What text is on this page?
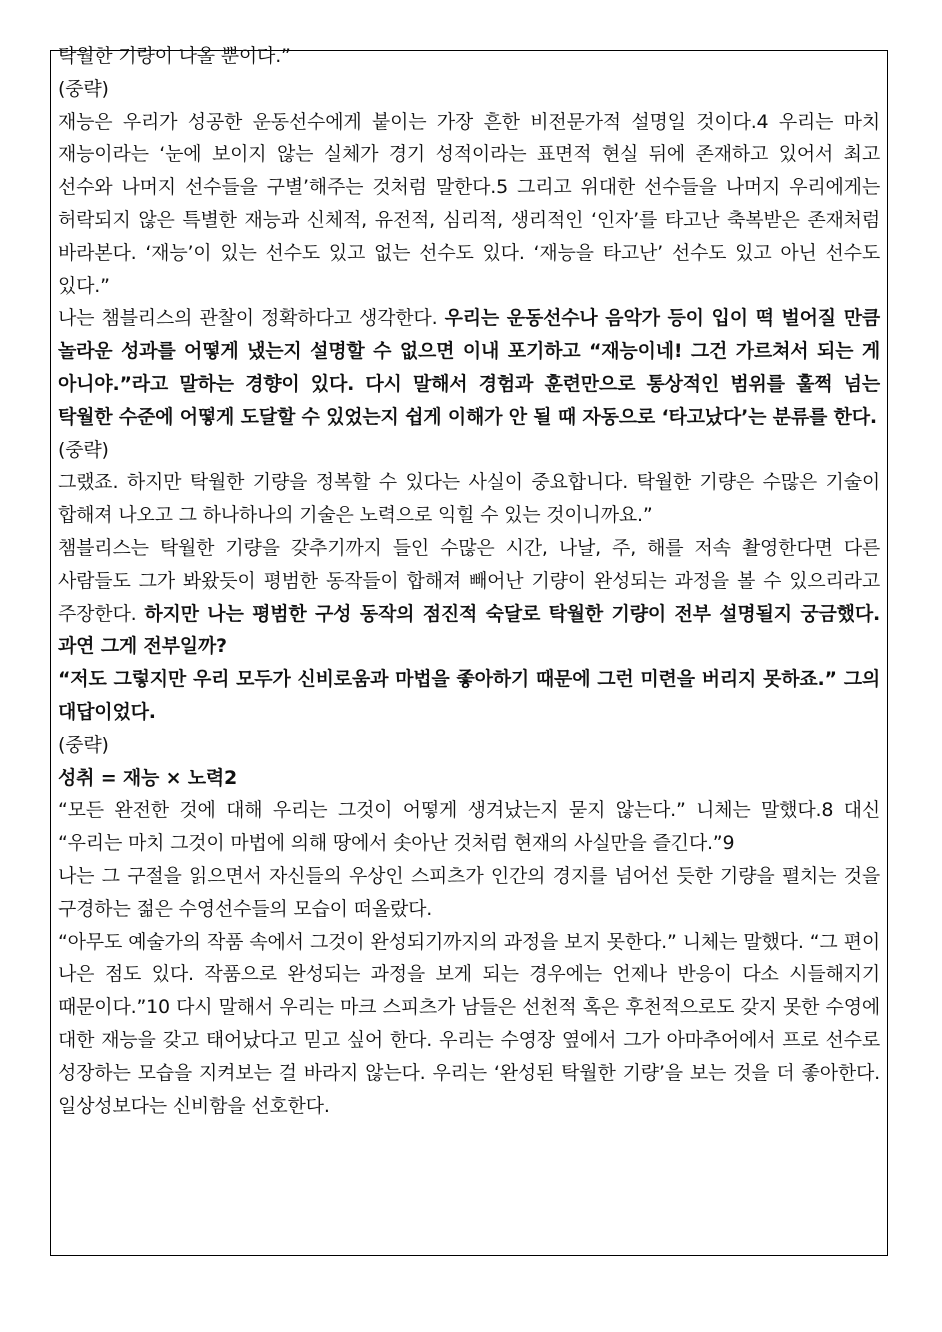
탁월한 기량이 나올 뿐이다.”

(중략)

재능은 우리가 성공한 운동선수에게 붙이는 가장 흔한 비전문가적 설명일 것이다.4 우리는 마치 재능이라는 ‘눈에 보이지 않는 실체가 경기 성적이라는 표면적 현실 뒤에 존재하고 있어서 최고 선수와 나머지 선수들을 구별’해주는 것처럼 말한다.5 그리고 위대한 선수들을 나머지 우리에게는 허락되지 않은 특별한 재능과 신체적, 유전적, 심리적, 생리적인 ‘인자’를 타고난 축복받은 존재처럼 바라본다. ‘재능’이 있는 선수도 있고 없는 선수도 있다. ‘재능을 타고난’ 선수도 있고 아닌 선수도 있다.”

나는 챔블리스의 관찰이 정확하다고 생각한다. 우리는 운동선수나 음악가 등이 입이 떡 벌어질 만큼 놀라운 성과를 어떻게 냈는지 설명할 수 없으면 이내 포기하고 “재능이네! 그건 가르쳐서 되는 게 아니야.”라고 말하는 경향이 있다. 다시 말해서 경험과 훈련만으로 통상적인 범위를 훌쩍 넘는 탁월한 수준에 어떻게 도달할 수 있었는지 쉽게 이해가 안 될 때 자동으로 ‘타고났다’는 분류를 한다.

(중략)

그랬죠. 하지만 탁월한 기량을 정복할 수 있다는 사실이 중요합니다. 탁월한 기량은 수많은 기술이 합해져 나오고 그 하나하나의 기술은 노력으로 익힐 수 있는 것이니까요.”

챔블리스는 탁월한 기량을 갖추기까지 들인 수많은 시간, 나날, 주, 해를 저속 촬영한다면 다른 사람들도 그가 봐왔듯이 평범한 동작들이 합해져 빼어난 기량이 완성되는 과정을 볼 수 있으리라고 주장한다. 하지만 나는 평범한 구성 동작의 점진적 숙달로 탁월한 기량이 전부 설명될지 궁금했다. 과연 그게 전부일까?

“저도 그렇지만 우리 모두가 신비로움과 마법을 좋아하기 때문에 그런 미련을 버리지 못하죠.” 그의 대답이었다.

(중략)

성취 = 재능 × 노력2

“모든 완전한 것에 대해 우리는 그것이 어떻게 생겨났는지 묻지 않는다.” 니체는 말했다.8 대신 “우리는 마치 그것이 마법에 의해 땅에서 솟아난 것처럼 현재의 사실만을 즐긴다.”9

나는 그 구절을 읽으면서 자신들의 우상인 스피츠가 인간의 경지를 넘어선 듯한 기량을 펼치는 것을 구경하는 젊은 수영선수들의 모습이 떠올랐다.

“아무도 예술가의 작품 속에서 그것이 완성되기까지의 과정을 보지 못한다.” 니체는 말했다. “그 편이 나은 점도 있다. 작품으로 완성되는 과정을 보게 되는 경우에는 언제나 반응이 다소 시들해지기 때문이다.”10 다시 말해서 우리는 마크 스피츠가 남들은 선천적 혹은 후천적으로도 갖지 못한 수영에 대한 재능을 갖고 태어났다고 믿고 싶어 한다. 우리는 수영장 옆에서 그가 아마추어에서 프로 선수로 성장하는 모습을 지켜보는 걸 바라지 않는다. 우리는 ‘완성된 탁월한 기량’을 보는 것을 더 좋아한다. 일상성보다는 신비함을 선호한다.
